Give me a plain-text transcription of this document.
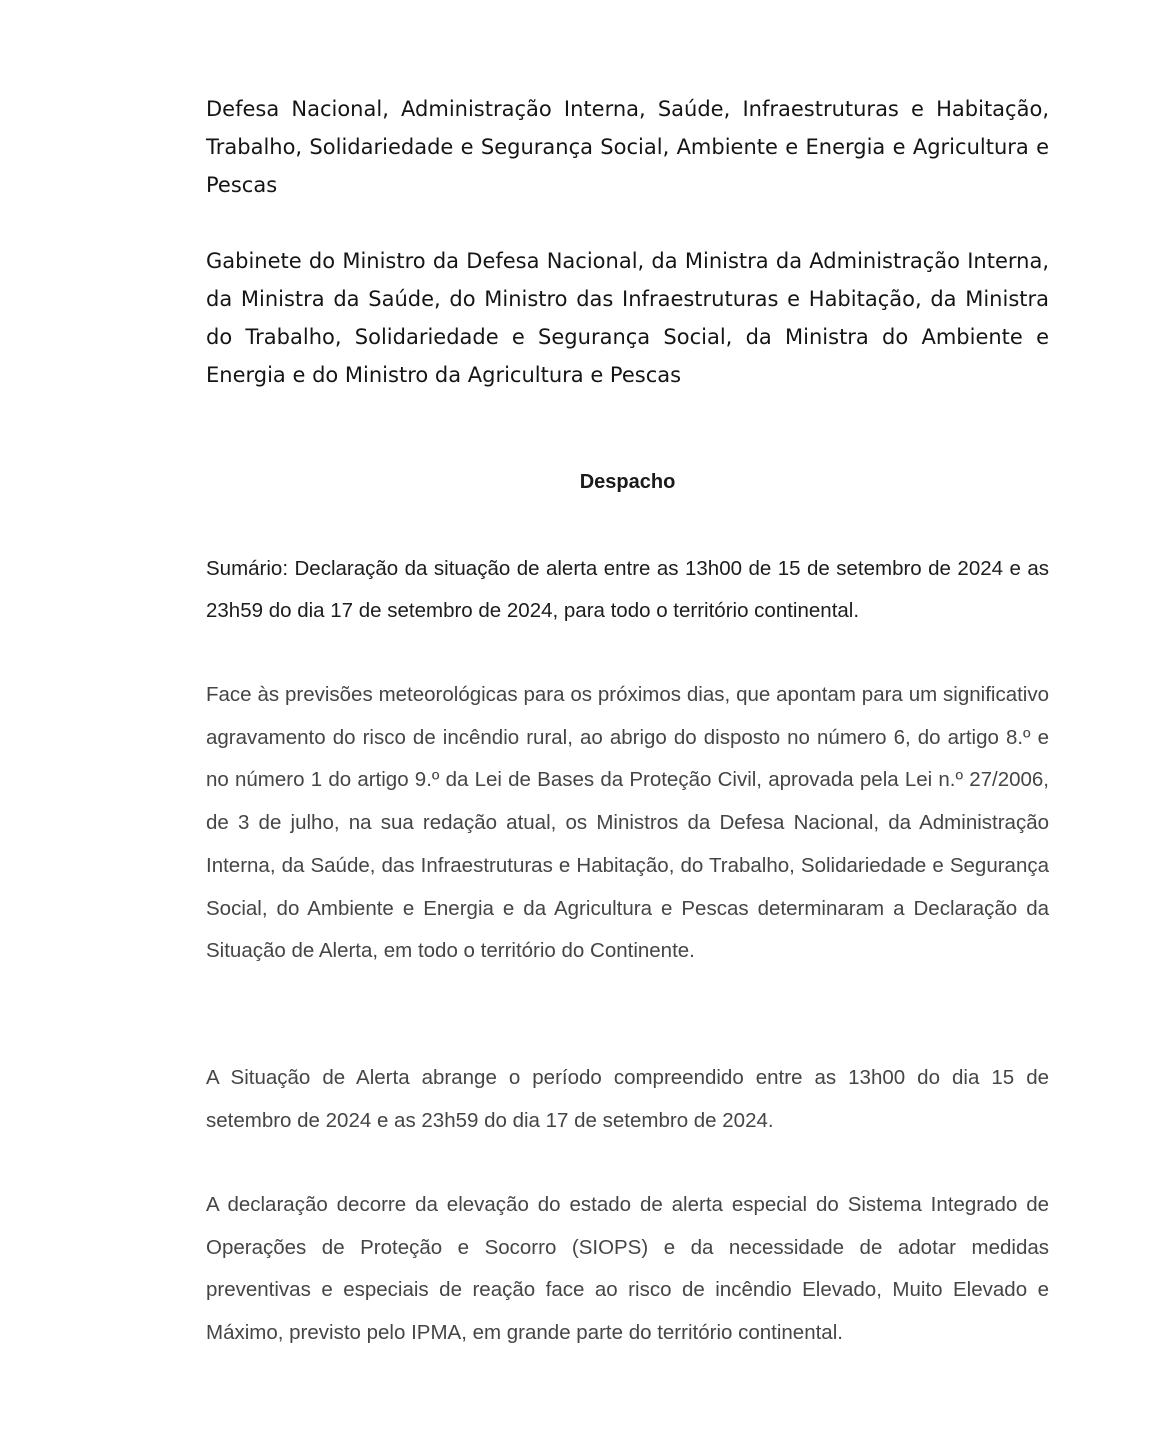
Defesa Nacional, Administração Interna, Saúde, Infraestruturas e Habitação, Trabalho, Solidariedade e Segurança Social, Ambiente e Energia e Agricultura e Pescas

Gabinete do Ministro da Defesa Nacional, da Ministra da Administração Interna, da Ministra da Saúde, do Ministro das Infraestruturas e Habitação, da Ministra do Trabalho, Solidariedade e Segurança Social, da Ministra do Ambiente e Energia e do Ministro da Agricultura e Pescas

Despacho

Sumário: Declaração da situação de alerta entre as 13h00 de 15 de setembro de 2024 e as 23h59 do dia 17 de setembro de 2024, para todo o território continental.

Face às previsões meteorológicas para os próximos dias, que apontam para um significativo agravamento do risco de incêndio rural, ao abrigo do disposto no número 6, do artigo 8.º e no número 1 do artigo 9.º da Lei de Bases da Proteção Civil, aprovada pela Lei n.º 27/2006, de 3 de julho, na sua redação atual, os Ministros da Defesa Nacional, da Administração Interna, da Saúde, das Infraestruturas e Habitação, do Trabalho, Solidariedade e Segurança Social, do Ambiente e Energia e da Agricultura e Pescas determinaram a Declaração da Situação de Alerta, em todo o território do Continente.

A Situação de Alerta abrange o período compreendido entre as 13h00 do dia 15 de setembro de 2024 e as 23h59 do dia 17 de setembro de 2024.

A declaração decorre da elevação do estado de alerta especial do Sistema Integrado de Operações de Proteção e Socorro (SIOPS) e da necessidade de adotar medidas preventivas e especiais de reação face ao risco de incêndio Elevado, Muito Elevado e Máximo, previsto pelo IPMA, em grande parte do território continental.
